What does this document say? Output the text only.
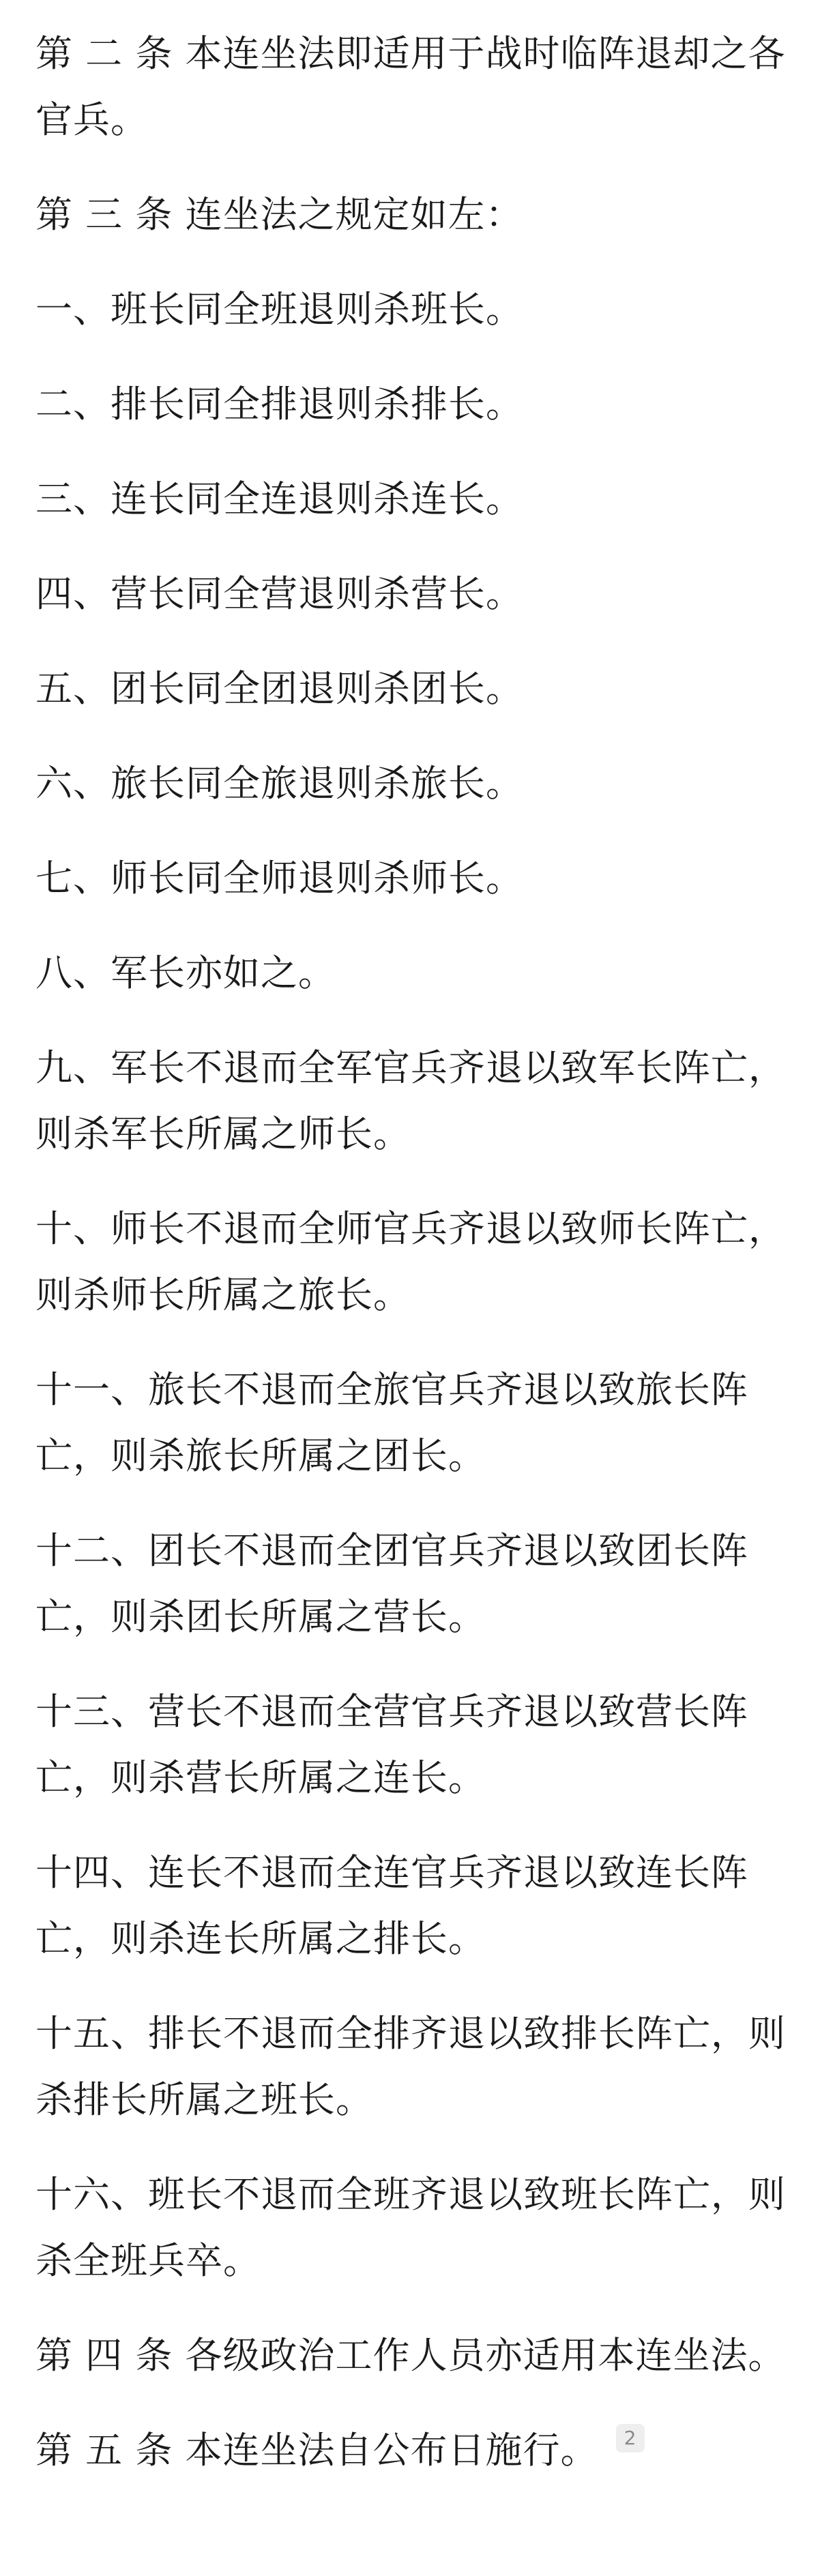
第 二 条 本连坐法即适用于战时临阵退却之各官兵。

第 三 条 连坐法之规定如左：

一、班长同全班退则杀班长。

二、排长同全排退则杀排长。

三、连长同全连退则杀连长。

四、营长同全营退则杀营长。

五、团长同全团退则杀团长。

六、旅长同全旅退则杀旅长。

七、师长同全师退则杀师长。

八、军长亦如之。

九、军长不退而全军官兵齐退以致军长阵亡，则杀军长所属之师长。

十、师长不退而全师官兵齐退以致师长阵亡，则杀师长所属之旅长。

十一、旅长不退而全旅官兵齐退以致旅长阵亡，则杀旅长所属之团长。

十二、团长不退而全团官兵齐退以致团长阵亡，则杀团长所属之营长。

十三、营长不退而全营官兵齐退以致营长阵亡，则杀营长所属之连长。

十四、连长不退而全连官兵齐退以致连长阵亡，则杀连长所属之排长。

十五、排长不退而全排齐退以致排长阵亡，则杀排长所属之班长。

十六、班长不退而全班齐退以致班长阵亡，则杀全班兵卒。

第 四 条 各级政治工作人员亦适用本连坐法。

第 五 条 本连坐法自公布日施行。	2
